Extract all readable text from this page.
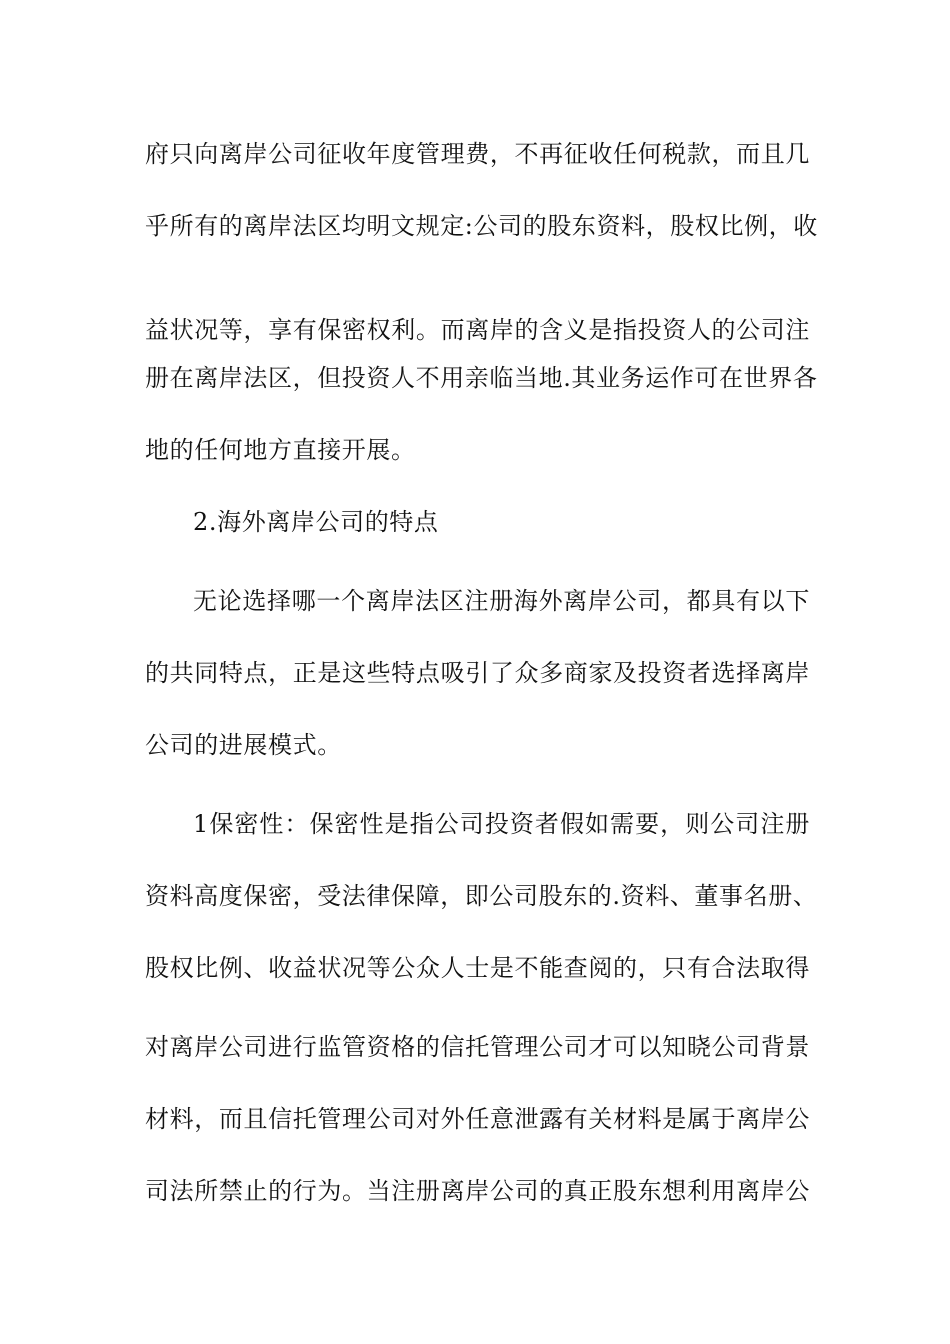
府只向离岸公司征收年度管理费，不再征收任何税款，而且几
乎所有的离岸法区均明文规定:公司的股东资料，股权比例，收
益状况等，享有保密权利。而离岸的含义是指投资人的公司注
册在离岸法区，但投资人不用亲临当地.其业务运作可在世界各
地的任何地方直接开展。
2.海外离岸公司的特点
无论选择哪一个离岸法区注册海外离岸公司，都具有以下
的共同特点，正是这些特点吸引了众多商家及投资者选择离岸
公司的进展模式。
1保密性：保密性是指公司投资者假如需要，则公司注册
资料高度保密，受法律保障，即公司股东的.资料、董事名册、
股权比例、收益状况等公众人士是不能查阅的，只有合法取得
对离岸公司进行监管资格的信托管理公司才可以知晓公司背景
材料，而且信托管理公司对外任意泄露有关材料是属于离岸公
司法所禁止的行为。当注册离岸公司的真正股东想利用离岸公
